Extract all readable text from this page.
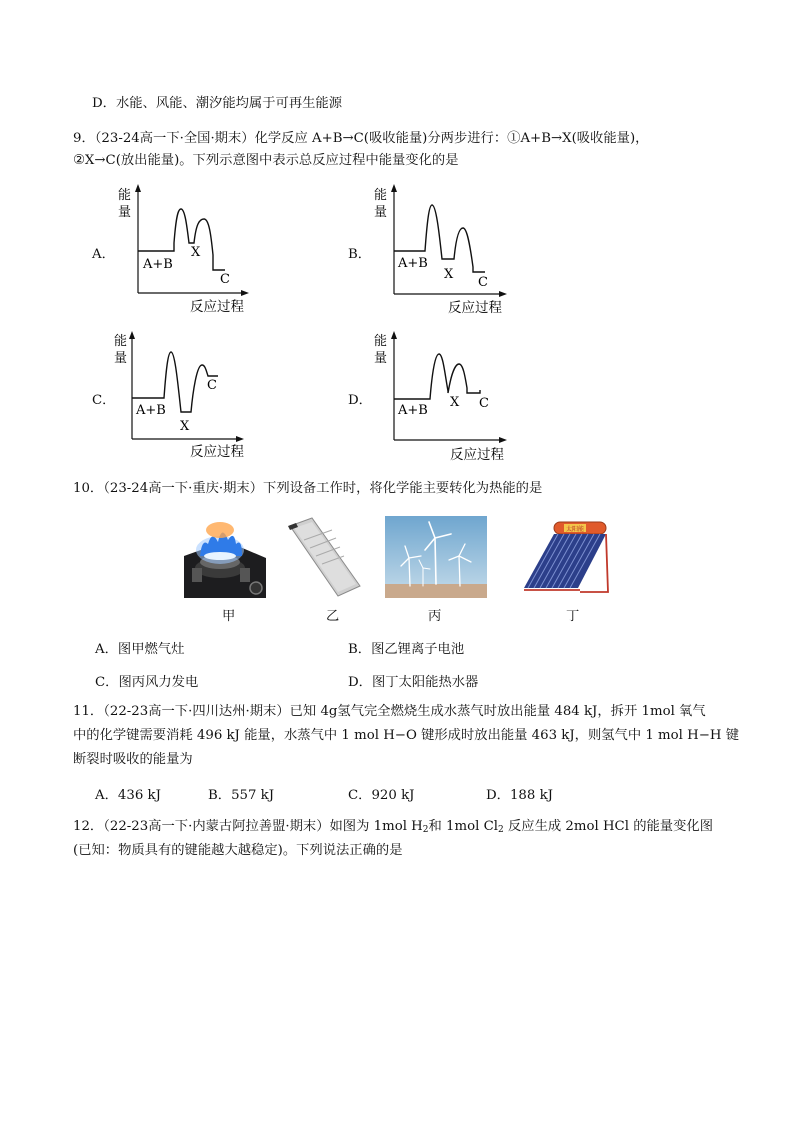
D．水能、风能、潮汐能均属于可再生能源
9．（23-24高一下·全国·期末）化学反应 A+B→C(吸收能量)分两步进行：①A+B→X(吸收能量)，
②X→C(放出能量)。下列示意图中表示总反应过程中能量变化的是
A．	B．
C．	D．
能
量
A+B
X
C
反应过程
能
量
A+B
X
C
反应过程
能
量
A+B
X
C
反应过程
能
量
A+B
X C
反应过程
10．（23-24高一下·重庆·期末）下列设备工作时，将化学能主要转化为热能的是
太阳能
甲	乙	丙	丁
A．图甲燃气灶	B．图乙锂离子电池
C．图丙风力发电	D．图丁太阳能热水器
11．（22-23高一下·四川达州·期末）已知 4g氢气完全燃烧生成水蒸气时放出能量 484 kJ，拆开 1mol 氧气
中的化学键需要消耗 496 kJ 能量，水蒸气中 1 mol H−O 键形成时放出能量 463 kJ，则氢气中 1 mol H−H 键
断裂时吸收的能量为
A．436 kJ	B．557 kJ	C．920 kJ	D．188 kJ
12．（22-23高一下·内蒙古阿拉善盟·期末）如图为 1mol $H_2$和 1mol $Cl_2$ 反应生成 2mol HCl 的能量变化图
(已知：物质具有的键能越大越稳定)。下列说法正确的是
